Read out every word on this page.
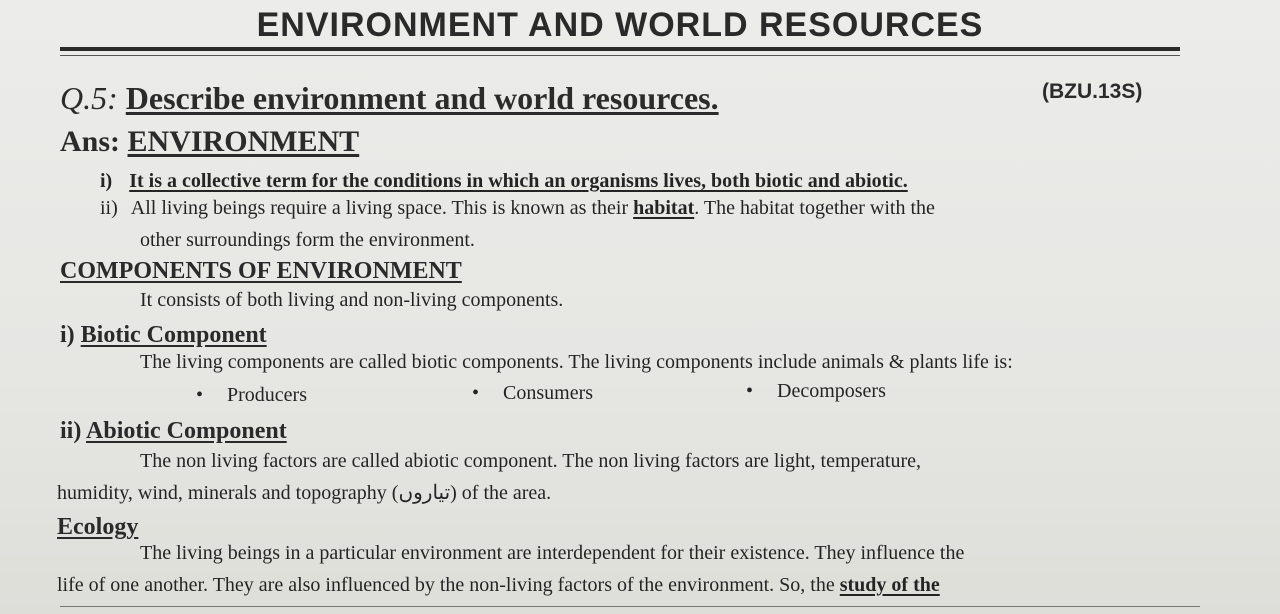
ENVIRONMENT AND WORLD RESOURCES
Q.5: Describe environment and world resources.	(BZU.13S)
Ans: ENVIRONMENT
i) It is a collective term for the conditions in which an organisms lives, both biotic and abiotic.
ii) All living beings require a living space. This is known as their habitat. The habitat together with the
other surroundings form the environment.
COMPONENTS OF ENVIRONMENT
It consists of both living and non-living components.
i) Biotic Component
The living components are called biotic components. The living components include animals & plants life is:
• Producers	• Consumers	• Decomposers
ii) Abiotic Component
The non living factors are called abiotic component. The non living factors are light, temperature,
humidity, wind, minerals and topography (ﺗﯿﺎﺭﻭﮞ) of the area.
Ecology
The living beings in a particular environment are interdependent for their existence. They influence the
life of one another. They are also influenced by the non-living factors of the environment. So, the study of the
